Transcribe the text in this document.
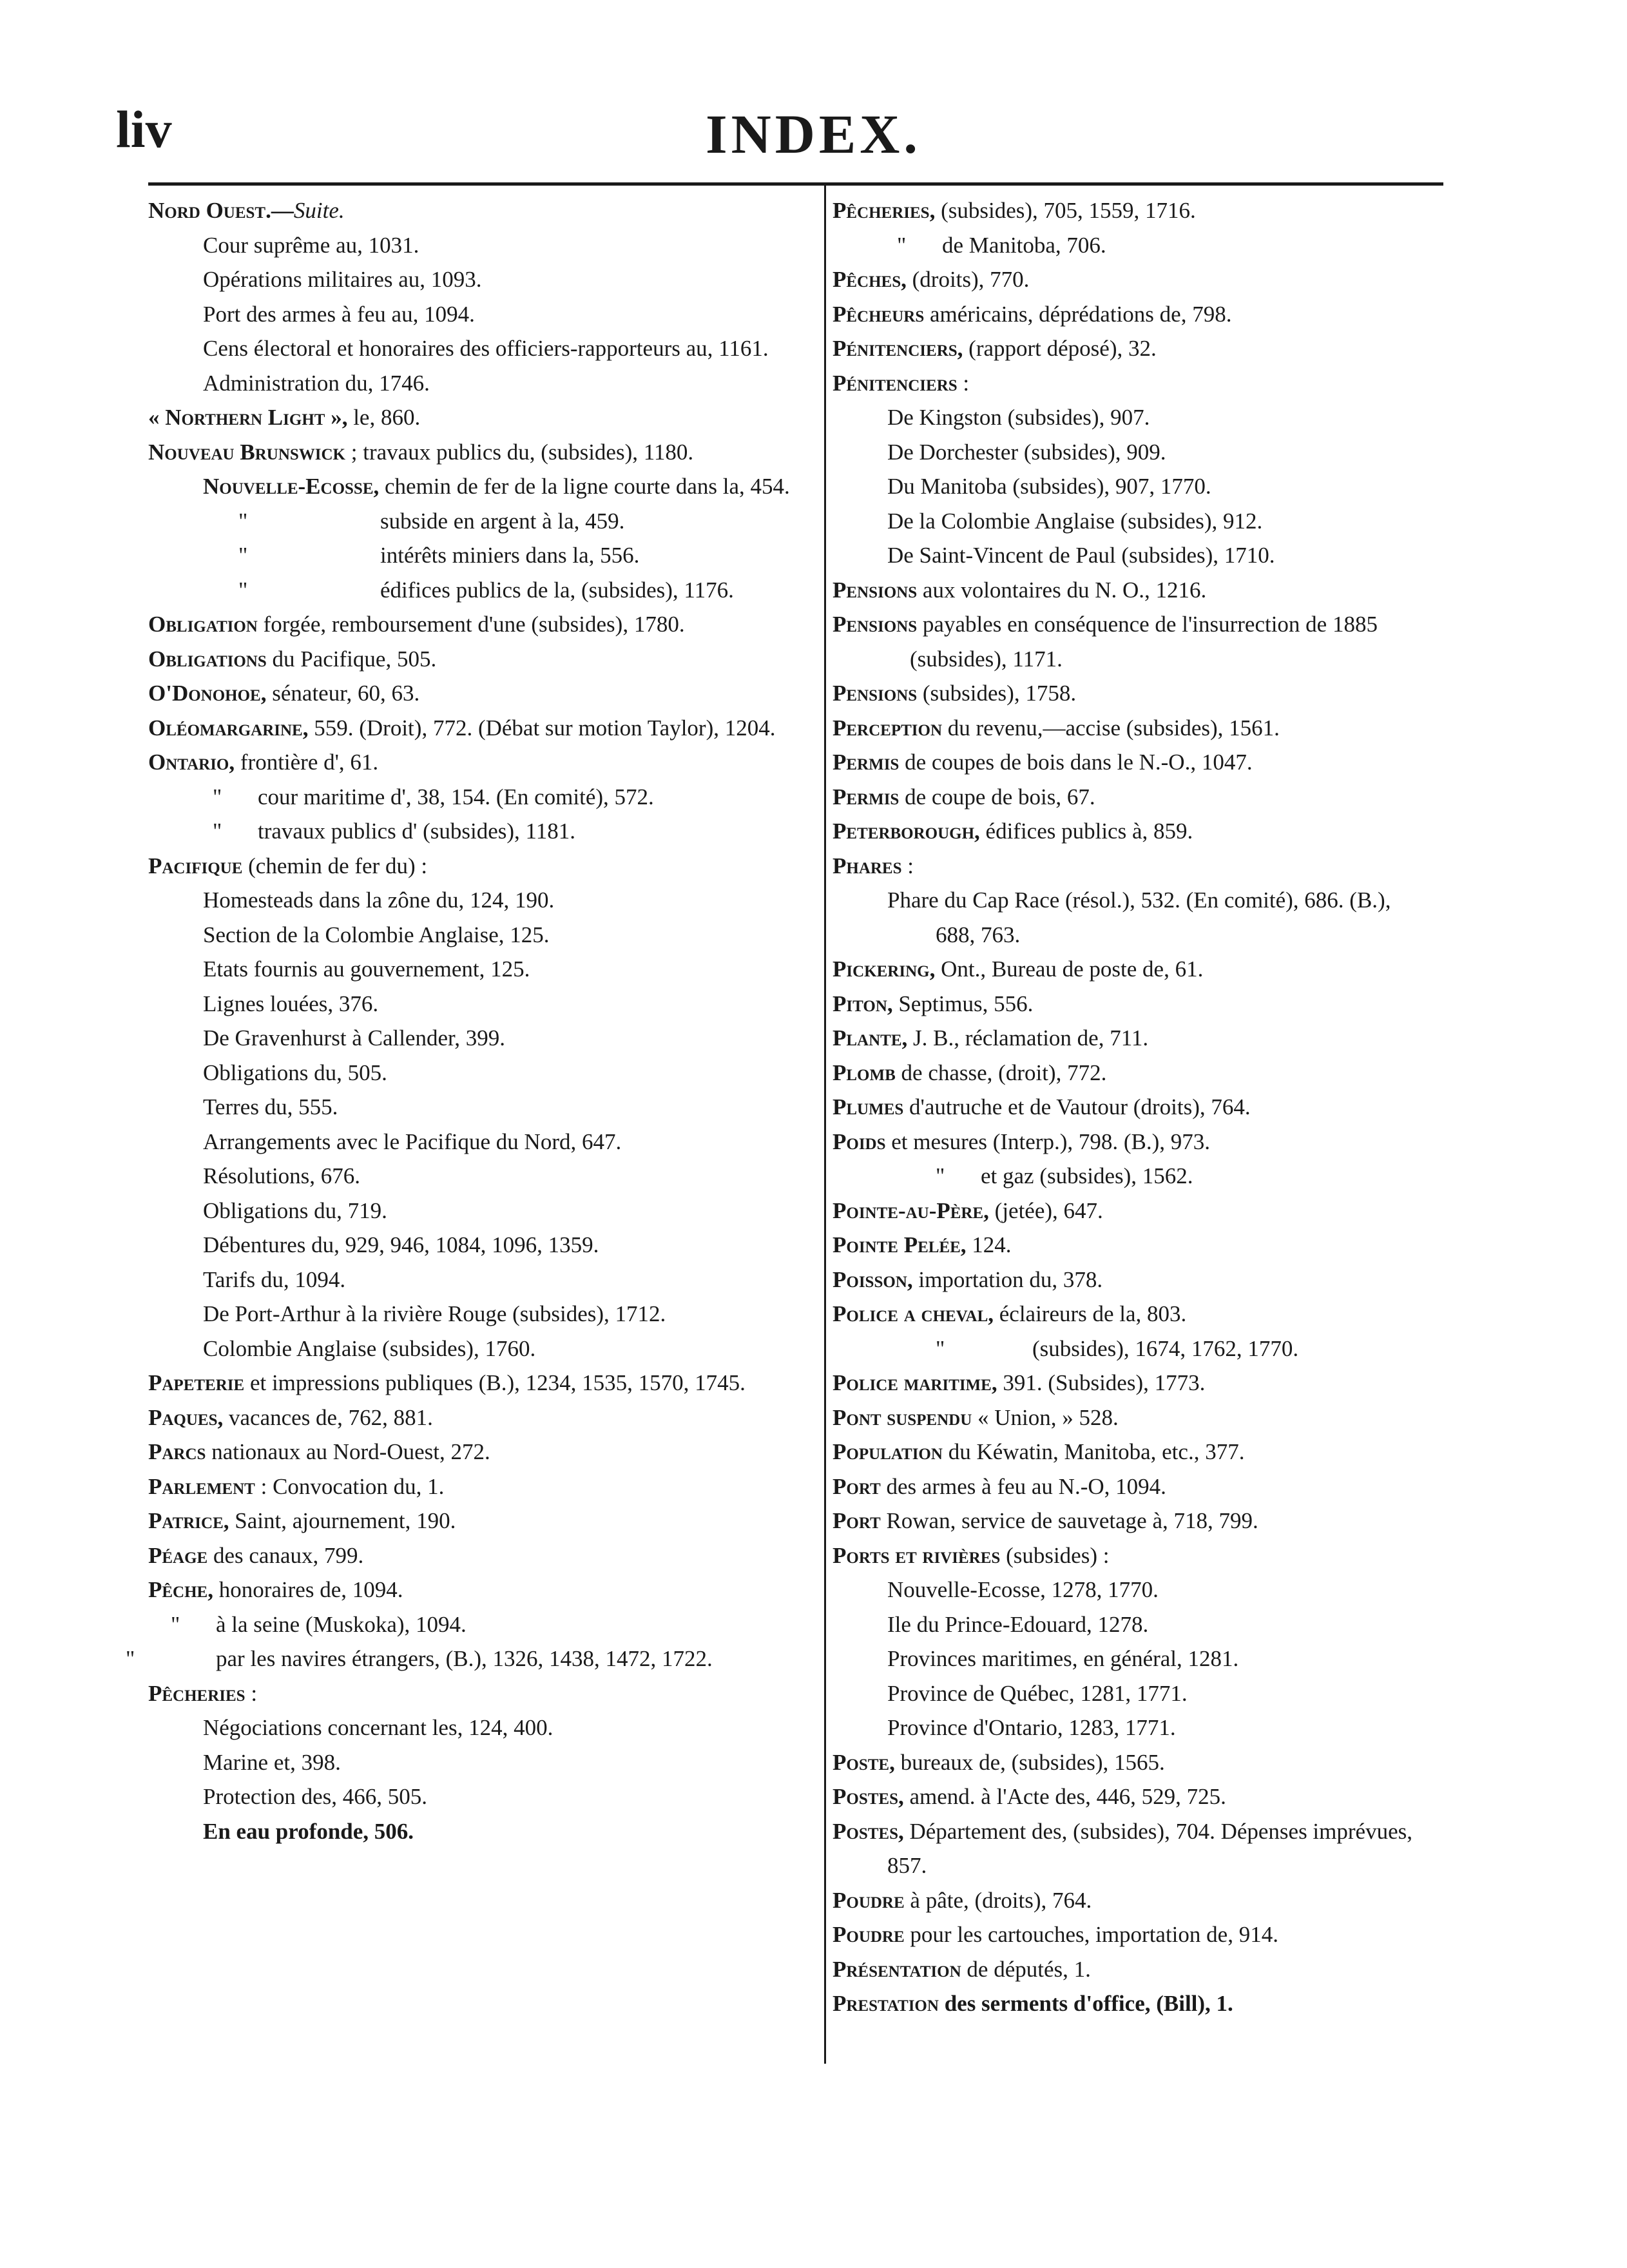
liv	INDEX.
Nord Ouest.—Suite.
Cour suprême au, 1031.
Opérations militaires au, 1093.
Port des armes à feu au, 1094.
Cens électoral et honoraires des officiers-rapporteurs au, 1161.
Administration du, 1746.
« Northern Light », le, 860.
Nouveau Brunswick ; travaux publics du, (subsides), 1180.
Nouvelle-Ecosse, chemin de fer de la ligne courte dans la, 454.
"	subside en argent à la, 459.
"	intérêts miniers dans la, 556.
"	édifices publics de la, (subsides), 1176.
Obligation forgée, remboursement d'une (subsides), 1780.
Obligations du Pacifique, 505.
O'Donohoe, sénateur, 60, 63.
Oléomargarine, 559. (Droit), 772. (Débat sur motion Taylor), 1204.
Ontario, frontière d', 61.
" cour maritime d', 38, 154. (En comité), 572.
" travaux publics d' (subsides), 1181.
Pacifique (chemin de fer du) :
Homesteads dans la zône du, 124, 190.
Section de la Colombie Anglaise, 125.
Etats fournis au gouvernement, 125.
Lignes louées, 376.
De Gravenhurst à Callender, 399.
Obligations du, 505.
Terres du, 555.
Arrangements avec le Pacifique du Nord, 647.
Résolutions, 676.
Obligations du, 719.
Débentures du, 929, 946, 1084, 1096, 1359.
Tarifs du, 1094.
De Port-Arthur à la rivière Rouge (subsides), 1712.
Colombie Anglaise (subsides), 1760.
Papeterie et impressions publiques (B.), 1234, 1535, 1570, 1745.
Paques, vacances de, 762, 881.
Parcs nationaux au Nord-Ouest, 272.
Parlement : Convocation du, 1.
Patrice, Saint, ajournement, 190.
Péage des canaux, 799.
Pêche, honoraires de, 1094.
" à la seine (Muskoka), 1094.
"	par les navires étrangers, (B.), 1326, 1438, 1472, 1722.
Pêcheries :
Négociations concernant les, 124, 400.
Marine et, 398.
Protection des, 466, 505.
En eau profonde, 506.
Pêcheries, (subsides), 705, 1559, 1716.
" de Manitoba, 706.
Pêches, (droits), 770.
Pêcheurs américains, déprédations de, 798.
Pénitenciers, (rapport déposé), 32.
Pénitenciers :
De Kingston (subsides), 907.
De Dorchester (subsides), 909.
Du Manitoba (subsides), 907, 1770.
De la Colombie Anglaise (subsides), 912.
De Saint-Vincent de Paul (subsides), 1710.
Pensions aux volontaires du N. O., 1216.
Pensions payables en conséquence de l'insurrection de 1885 (subsides), 1171.
Pensions (subsides), 1758.
Perception du revenu,—accise (subsides), 1561.
Permis de coupes de bois dans le N.-O., 1047.
Permis de coupe de bois, 67.
Peterborough, édifices publics à, 859.
Phares :
Phare du Cap Race (résol.), 532. (En comité), 686. (B.), 688, 763.
Pickering, Ont., Bureau de poste de, 61.
Piton, Septimus, 556.
Plante, J. B., réclamation de, 711.
Plomb de chasse, (droit), 772.
Plumes d'autruche et de Vautour (droits), 764.
Poids et mesures (Interp.), 798. (B.), 973.
" et gaz (subsides), 1562.
Pointe-au-Père, (jetée), 647.
Pointe Pelée, 124.
Poisson, importation du, 378.
Police a cheval, éclaireurs de la, 803.
"	(subsides), 1674, 1762, 1770.
Police maritime, 391. (Subsides), 1773.
Pont suspendu « Union, » 528.
Population du Kéwatin, Manitoba, etc., 377.
Port des armes à feu au N.-O, 1094.
Port Rowan, service de sauvetage à, 718, 799.
Ports et rivières (subsides) :
Nouvelle-Ecosse, 1278, 1770.
Ile du Prince-Edouard, 1278.
Provinces maritimes, en général, 1281.
Province de Québec, 1281, 1771.
Province d'Ontario, 1283, 1771.
Poste, bureaux de, (subsides), 1565.
Postes, amend. à l'Acte des, 446, 529, 725.
Postes, Département des, (subsides), 704. Dépenses imprévues, 857.
Poudre à pâte, (droits), 764.
Poudre pour les cartouches, importation de, 914.
Présentation de députés, 1.
Prestation des serments d'office, (Bill), 1.
